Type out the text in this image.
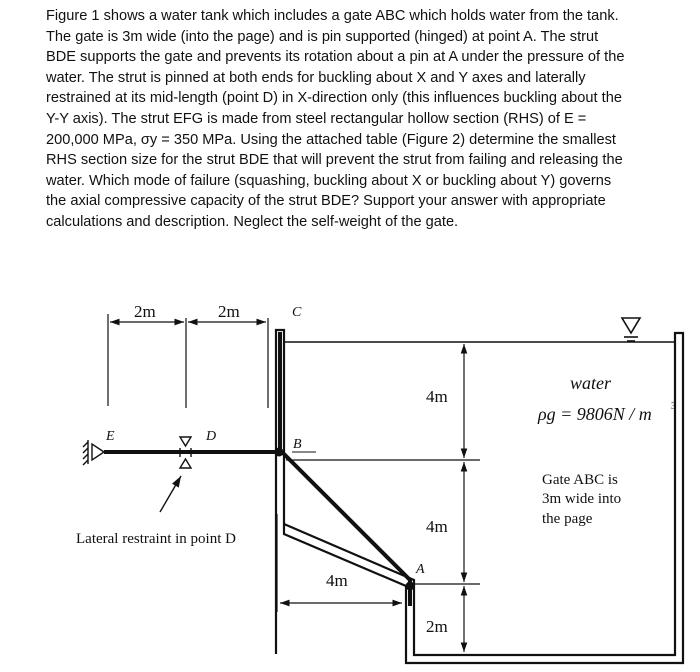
Figure 1 shows a water tank which includes a gate ABC which holds water from the tank.
The gate is 3m wide (into the page) and is pin supported (hinged) at point A. The strut
BDE supports the gate and prevents its rotation about a pin at A under the pressure of the
water. The strut is pinned at both ends for buckling about X and Y axes and laterally
restrained at its mid-length (point D) in X-direction only (this influences buckling about the
Y-Y axis). The strut EFG is made from steel rectangular hollow section (RHS) of E =
200,000 MPa, σy = 350 MPa. Using the attached table (Figure 2) determine the smallest
RHS section size for the strut BDE that will prevent the strut from failing and releasing the
water. Which mode of failure (squashing, buckling about X or buckling about Y) governs
the axial compressive capacity of the strut BDE? Support your answer with appropriate
calculations and description. Neglect the self-weight of the gate.
2m	2m
4m
4m
4m
2m
C
B
A
E	D
water
ρg = 9806N / m 3
Gate ABC is
3m wide into
the page
Lateral restraint in point D
